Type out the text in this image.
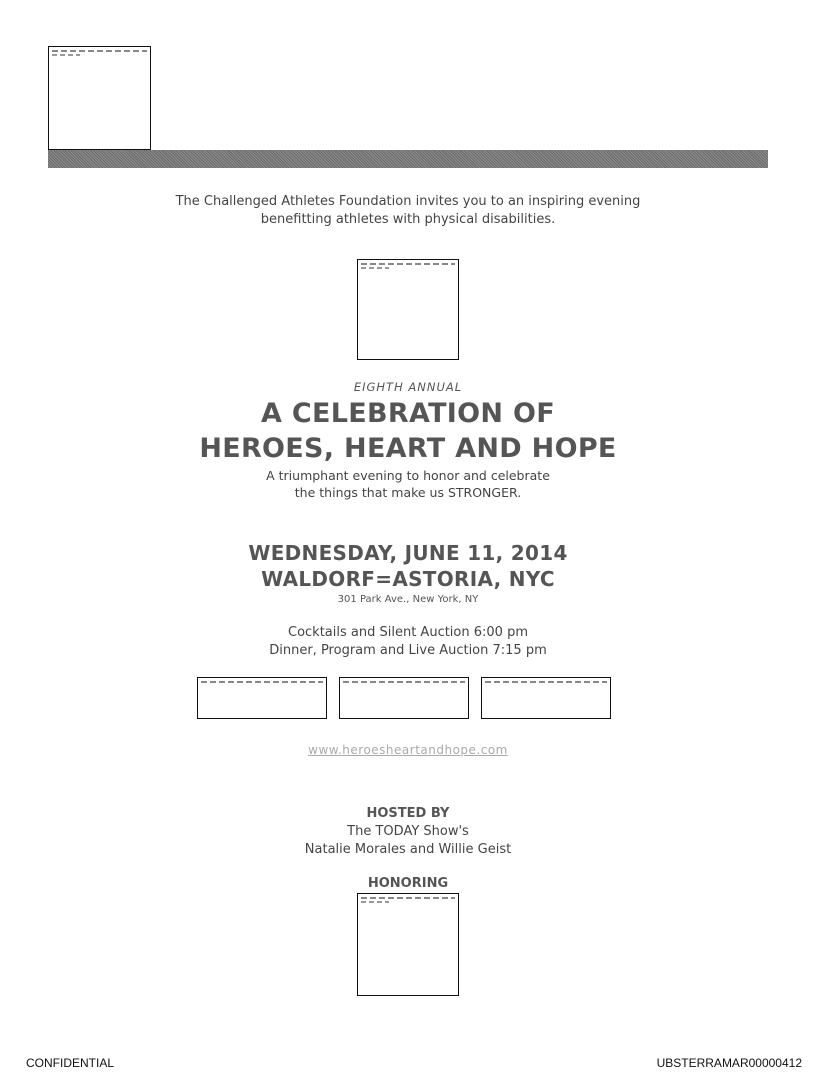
The Challenged Athletes Foundation invites you to an inspiring evening
benefitting athletes with physical disabilities.
EIGHTH ANNUAL
A CELEBRATION OF
HEROES, HEART AND HOPE
A triumphant evening to honor and celebrate
the things that make us STRONGER.
WEDNESDAY, JUNE 11, 2014
WALDORF=ASTORIA, NYC
301 Park Ave., New York, NY
Cocktails and Silent Auction 6:00 pm
Dinner, Program and Live Auction 7:15 pm
www.heroesheartandhope.com
HOSTED BY
The TODAY Show's
Natalie Morales and Willie Geist
HONORING
CONFIDENTIAL	UBSTERRAMAR00000412
